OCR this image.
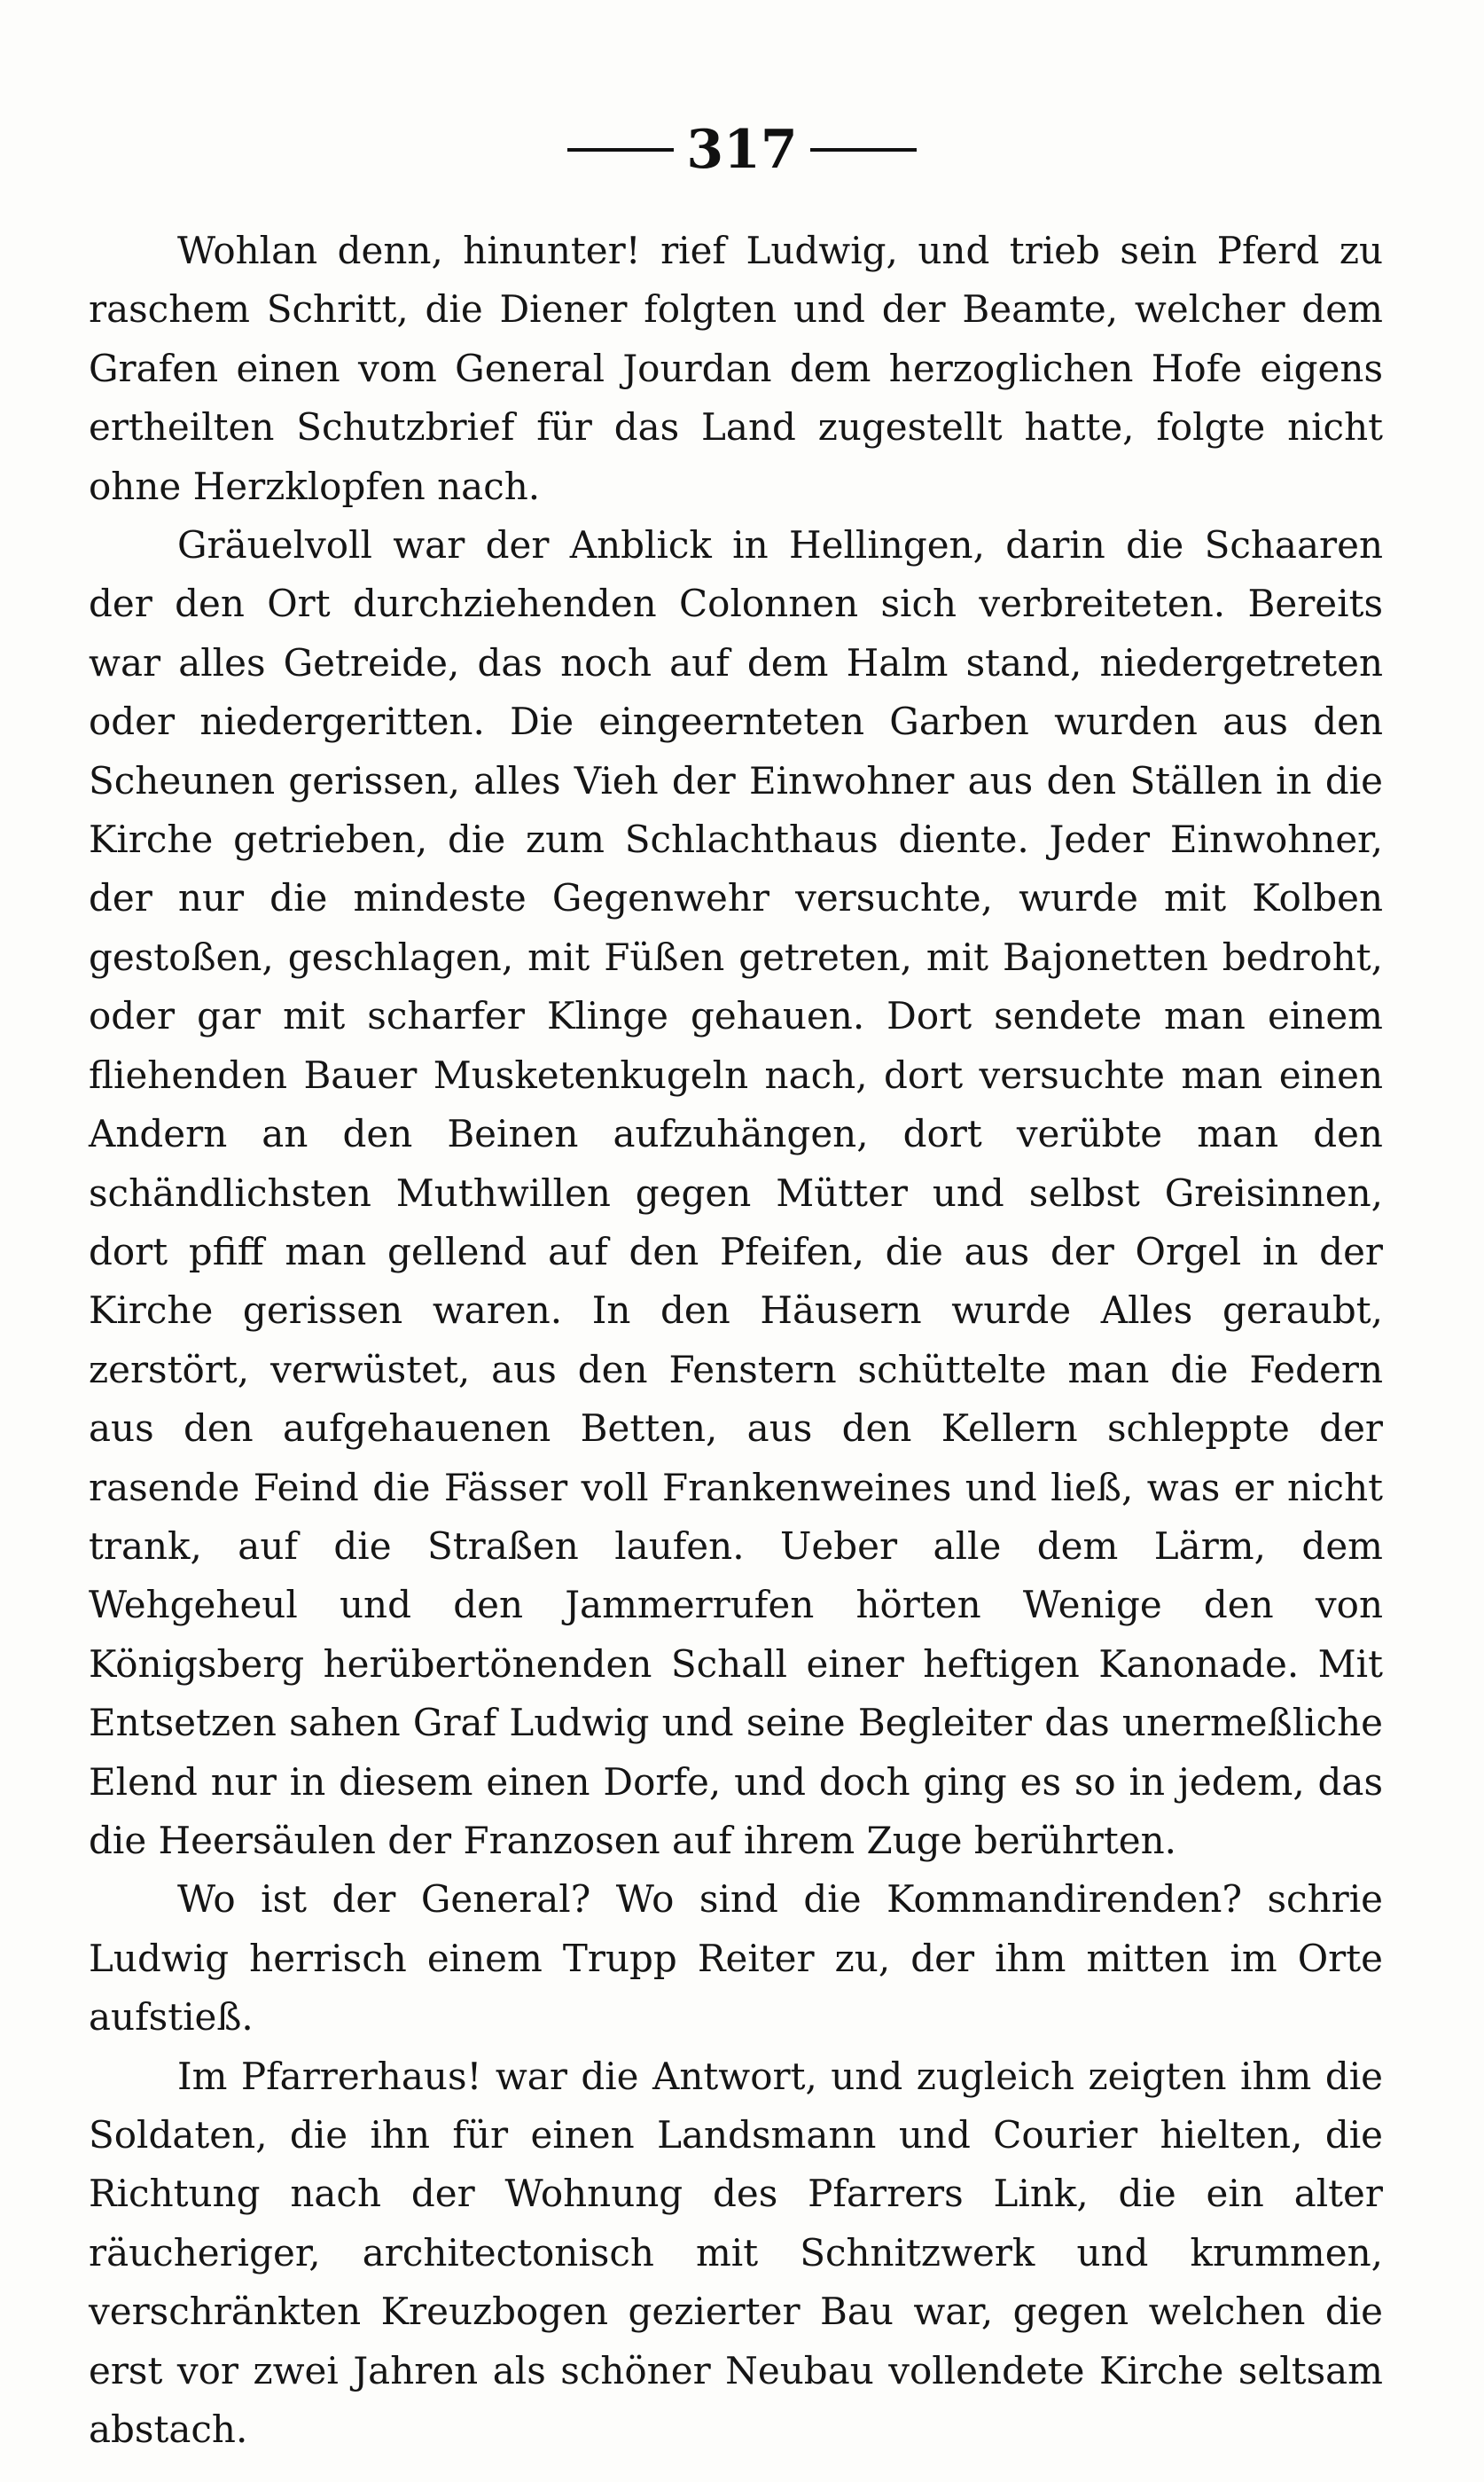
317

Wohlan denn, hinunter! rief Ludwig, und trieb sein Pferd zu raschem Schritt, die Diener folgten und der Beamte, welcher dem Grafen einen vom General Jourdan dem herzoglichen Hofe eigens ertheilten Schutzbrief für das Land zugestellt hatte, folgte nicht ohne Herzklopfen nach.

Gräuelvoll war der Anblick in Hellingen, darin die Schaaren der den Ort durchziehenden Colonnen sich verbreiteten. Bereits war alles Getreide, das noch auf dem Halm stand, niedergetreten oder niedergeritten. Die eingeernteten Garben wurden aus den Scheunen gerissen, alles Vieh der Einwohner aus den Ställen in die Kirche getrieben, die zum Schlachthaus diente. Jeder Einwohner, der nur die mindeste Gegenwehr versuchte, wurde mit Kolben gestoßen, geschlagen, mit Füßen getreten, mit Bajonetten bedroht, oder gar mit scharfer Klinge gehauen. Dort sendete man einem fliehenden Bauer Musketenkugeln nach, dort versuchte man einen Andern an den Beinen aufzuhängen, dort verübte man den schändlichsten Muthwillen gegen Mütter und selbst Greisinnen, dort pfiff man gellend auf den Pfeifen, die aus der Orgel in der Kirche gerissen waren. In den Häusern wurde Alles geraubt, zerstört, verwüstet, aus den Fenstern schüttelte man die Federn aus den aufgehauenen Betten, aus den Kellern schleppte der rasende Feind die Fässer voll Frankenweines und ließ, was er nicht trank, auf die Straßen laufen. Ueber alle dem Lärm, dem Wehgeheul und den Jammerrufen hörten Wenige den von Königsberg herübertönenden Schall einer heftigen Kanonade. Mit Entsetzen sahen Graf Ludwig und seine Begleiter das unermeßliche Elend nur in diesem einen Dorfe, und doch ging es so in jedem, das die Heersäulen der Franzosen auf ihrem Zuge berührten.

Wo ist der General? Wo sind die Kommandirenden? schrie Ludwig herrisch einem Trupp Reiter zu, der ihm mitten im Orte aufstieß.

Im Pfarrerhaus! war die Antwort, und zugleich zeigten ihm die Soldaten, die ihn für einen Landsmann und Courier hielten, die Richtung nach der Wohnung des Pfarrers Link, die ein alter räucheriger, architectonisch mit Schnitzwerk und krummen, verschränkten Kreuzbogen gezierter Bau war, gegen welchen die erst vor zwei Jahren als schöner Neubau vollendete Kirche seltsam abstach.
